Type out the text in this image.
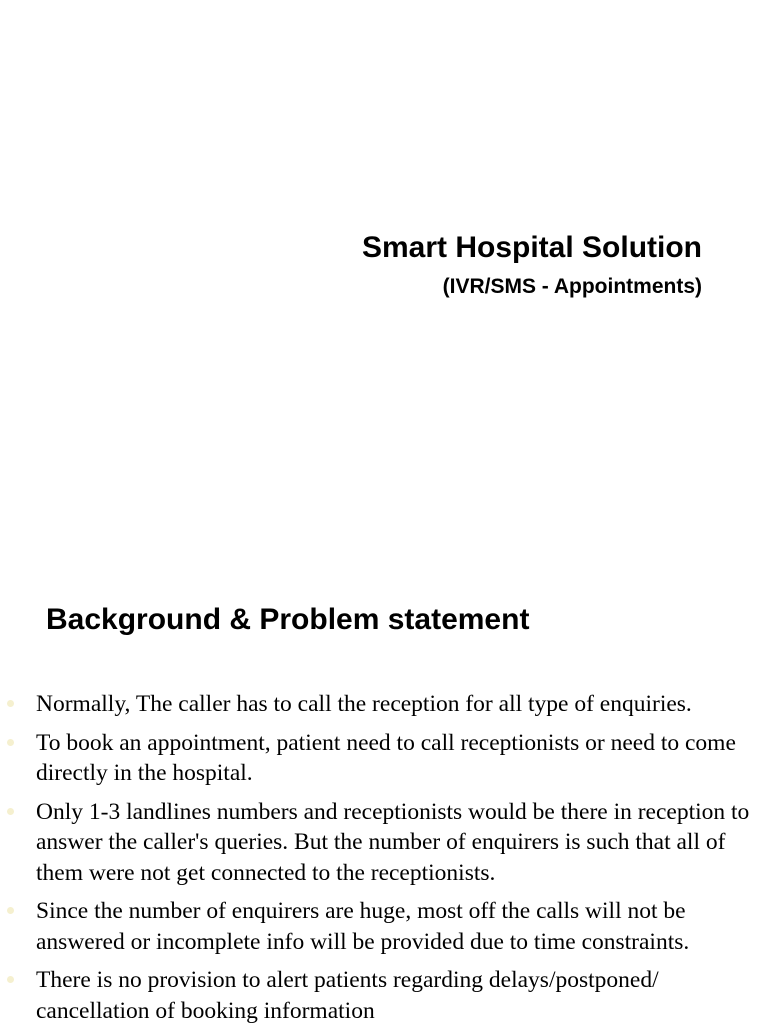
Smart Hospital Solution
(IVR/SMS - Appointments)
Background & Problem statement
Normally, The caller has to call the reception for all type of enquiries.
To book an appointment, patient need to call receptionists or need to come directly in the hospital.
Only 1-3 landlines numbers and receptionists would be there in reception to answer the caller's queries. But the number of enquirers is such that all of them were not get connected to the receptionists.
Since the number of enquirers are huge, most off the calls will not be answered or incomplete info will be provided due to time constraints.
There is no provision to alert patients regarding delays/postponed/ cancellation of booking information
